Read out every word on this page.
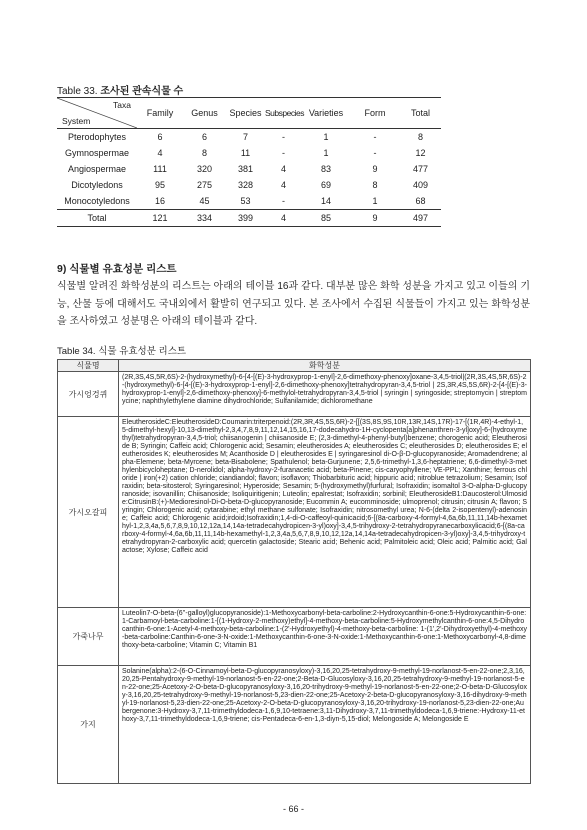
Table 33. 조사된 관속식물 수
Taxa
System	Family	Genus	Species	Subspecies	Varieties	Form	Total
Pterodophytes	6	6	7	-	1	-	8
Gymnospermae	4	8	11	-	1	-	12
Angiospermae	111	320	381	4	83	9	477
Dicotyledons	95	275	328	4	69	8	409
Monocotyledons	16	45	53	-	14	1	68
Total	121	334	399	4	85	9	497
9) 식물별 유효성분 리스트

식물별 알려진 화학성분의 리스트는 아래의 테이블 16과 같다. 대부분 많은 화학 성분을 가지고 있고 이들의 기능, 산물 등에 대해서도 국내외에서 활발히 연구되고 있다. 본 조사에서 수집된 식물들이 가지고 있는 화학성분을 조사하였고 성분명은 아래의 테이블과 같다.

Table 34. 식물 유효성분 리스트
식물명	화학성분
가시엉겅퀴	(2R,3S,4S,5R,6S)-2-(hydroxymethyl)-6-[4-[(E)-3-hydroxyprop-1-enyl]-2,6-dimethoxy-phenoxy]oxane-3,4,5-triol|(2R,3S,4S,5R,6S)-2-(hydroxymethyl)-6-[4-[(E)-3-hydroxyprop-1-enyl]-2,6-dimethoxy-phenoxy]tetrahydropyran-3,4,5-triol | 2S,3R,4S,5S,6R)-2-[4-[(E)-3-hydroxyprop-1-enyl]-2,6-dimethoxy-phenoxy]-6-methylol-tetrahydropyran-3,4,5-triol | syringin | syringoside; streptomycin | streptomycine; naphthylethylene diamine dihydrochloride; Sulfanilamide; dichloromethane
가시오갈피	EleutherosideC:EleutherosideD:Coumarin:triterpenoid:(2R,3R,4S,5S,6R)-2-[[(3S,8S,9S,10R,13R,14S,17R)-17-[(1R,4R)-4-ethyl-1,5-dimethyl-hexyl]-10,13-dimethyl-2,3,4,7,8,9,11,12,14,15,16,17-dodecahydro-1H-cyclopenta[a]phenanthren-3-yl]oxy]-6-(hydroxymethyl)tetrahydropyran-3,4,5-triol; chiisanogenin | chiisanoside E; (2,3-dimethyl-4-phenyl-butyl)benzene; chorogenic acid; Eleutheroside B; Syringin; Caffeic acid; Chlorogenic acid; Sesamin; eleutherosides A; eleutherosides C; eleutherosides D; eleutherosides E; eleutherosides K; eleutherosides M; Acanthoside D | eleutherosides E | syringaresinol di-O-β-D-glucopyranoside; Aromadendrene; alpha-Elemene; beta-Myrcene; beta-Bisabolene; Spathulenol; beta-Gurjunene; 2,5,6-trimethyl-1,3,6-heptatriene; 6,6-dimethyl-3-methylenbicycloheptane; D-nerolidol; alpha-hydroxy-2-furanacetic acid; beta-Pinene; cis-caryophyllene; VE-PPL; Xanthine; ferrous chloride | iron(+2) cation chloride; ciandiandol; flavon; isoflavon; Thiobarbituric acid; hippuric acid; nitroblue tetrazolium; Sesamin; Isofraxidin; beta-sitosterol; Syringaresinol; Hyperoside; Sesamin; 5-(hydroxymethyl)furfural; Isofraxidin; isomaltol 3-O-alpha-D-glucopyranoside; isovanillin; Chiisanoside; Isoliquiritigenin; Luteolin; epalrestat; Isofraxidin; sorbinil; EleutherosideB1:Daucosterol:Ulmoside:CitrusinB:(+)-Medioresinol-Di-O-beta-D-glucopyranoside; Eucommin A; eucomminoside; ulmoprenol; citrusin; citrusin A; flavon; Syringin; Chlorogenic acid; cytarabine; ethyl methane sulfonate; Isofraxidin; nitrosomethyl urea; N-6-(delta 2-isopentenyl)-adenosine; Caffeic acid; Chlorogenic acid;irdoid;Isofraxidin;1,4-di-O-caffeoyl-quinicacid;6-[(8a-carboxy-4-formyl-4,6a,6b,11,11,14b-hexamethyl-1,2,3,4a,5,6,7,8,9,10,12,12a,14,14a-tetradecahydropicen-3-yl)oxy]-3,4,5-trihydroxy-2-tetrahydropyranecarboxylicacid;6-[(8a-carboxy-4-formyl-4,6a,6b,11,11,14b-hexamethyl-1,2,3,4a,5,6,7,8,9,10,12,12a,14,14a-tetradecahydropicen-3-yl)oxy]-3,4,5-trihydroxy-tetrahydropyran-2-carboxylic acid; quercetin galactoside; Stearic acid; Behenic acid; Palmitoleic acid; Oleic acid; Palmitic acid; Galactose; Xylose; Caffeic acid
가죽나무	Luteolin7-O-beta-(6''-galloyl)glucopyranoside):1-Methoxycarbonyl-beta-carboline:2-Hydroxycanthin-6-one:5-Hydroxycanthin-6-one:1-Carbamoyl-beta-carboline:1-[(1-Hydroxy-2-methoxy)ethyl]-4-methoxy-beta-carboline:5-Hydroxymethylcanthin-6-one:4,5-Dihydrocanthin-6-one:1-Acetyl-4-methoxy-beta-carboline:1-(2'-Hydroxyethyl)-4-methoxy-beta-carboline: 1-(1',2'-Dihydroxyethyl)-4-methoxy-beta-carboline:Canthin-6-one-3-N-oxide:1-Methoxycanthin-6-one-3-N-oxide:1-Methoxycanthin-6-one:1-Methoxycarbonyl-4,8-dimethoxy-beta-carboline; Vitamin C; Vitamin B1
가지	Solanine(alpha):2-(6-O-Cinnamoyl-beta-D-glucopyranosyloxy)-3,16,20,25-tetrahydroxy-9-methyl-19-norlanost-5-en-22-one;2,3,16,20,25-Pentahydroxy-9-methyl-19-norlanost-5-en-22-one;2-Beta-D-Glucosyloxy-3,16,20,25-tetrahydroxy-9-methyl-19-norlanost-5-en-22-one;25-Acetoxy-2-O-beta-D-glucopyranosyloxy-3,16,20-trihydroxy-9-methyl-19-norlanost-5-en-22-one;2-O-beta-D-Glucosyloxy-3,16,20,25-tetrahydroxy-9-methyl-19-norlanost-5,23-dien-22-one;25-Acetoxy-2-beta-D-glucopyranosyloxy-3,16-dihydroxy-9-methyl-19-norlanost-5,23-dien-22-one;25-Acetoxy-2-O-beta-D-glucopyranosyloxy-3,16,20-trihydroxy-19-norlanost-5,23-dien-22-one;Aubergenone:3-Hydroxy-3,7,11-trimethyldodeca-1,6,9,10-tetraene:3,11-Dihydroxy-3,7,11-trimethyldodeca-1,6,9-triene:-Hydroxy-11-ethoxy-3,7,11-trimethyldodeca-1,6,9-triene; cis-Pentadeca-6-en-1,3-diyn-5,15-diol; Melongoside A; Melongoside E
- 66 -
